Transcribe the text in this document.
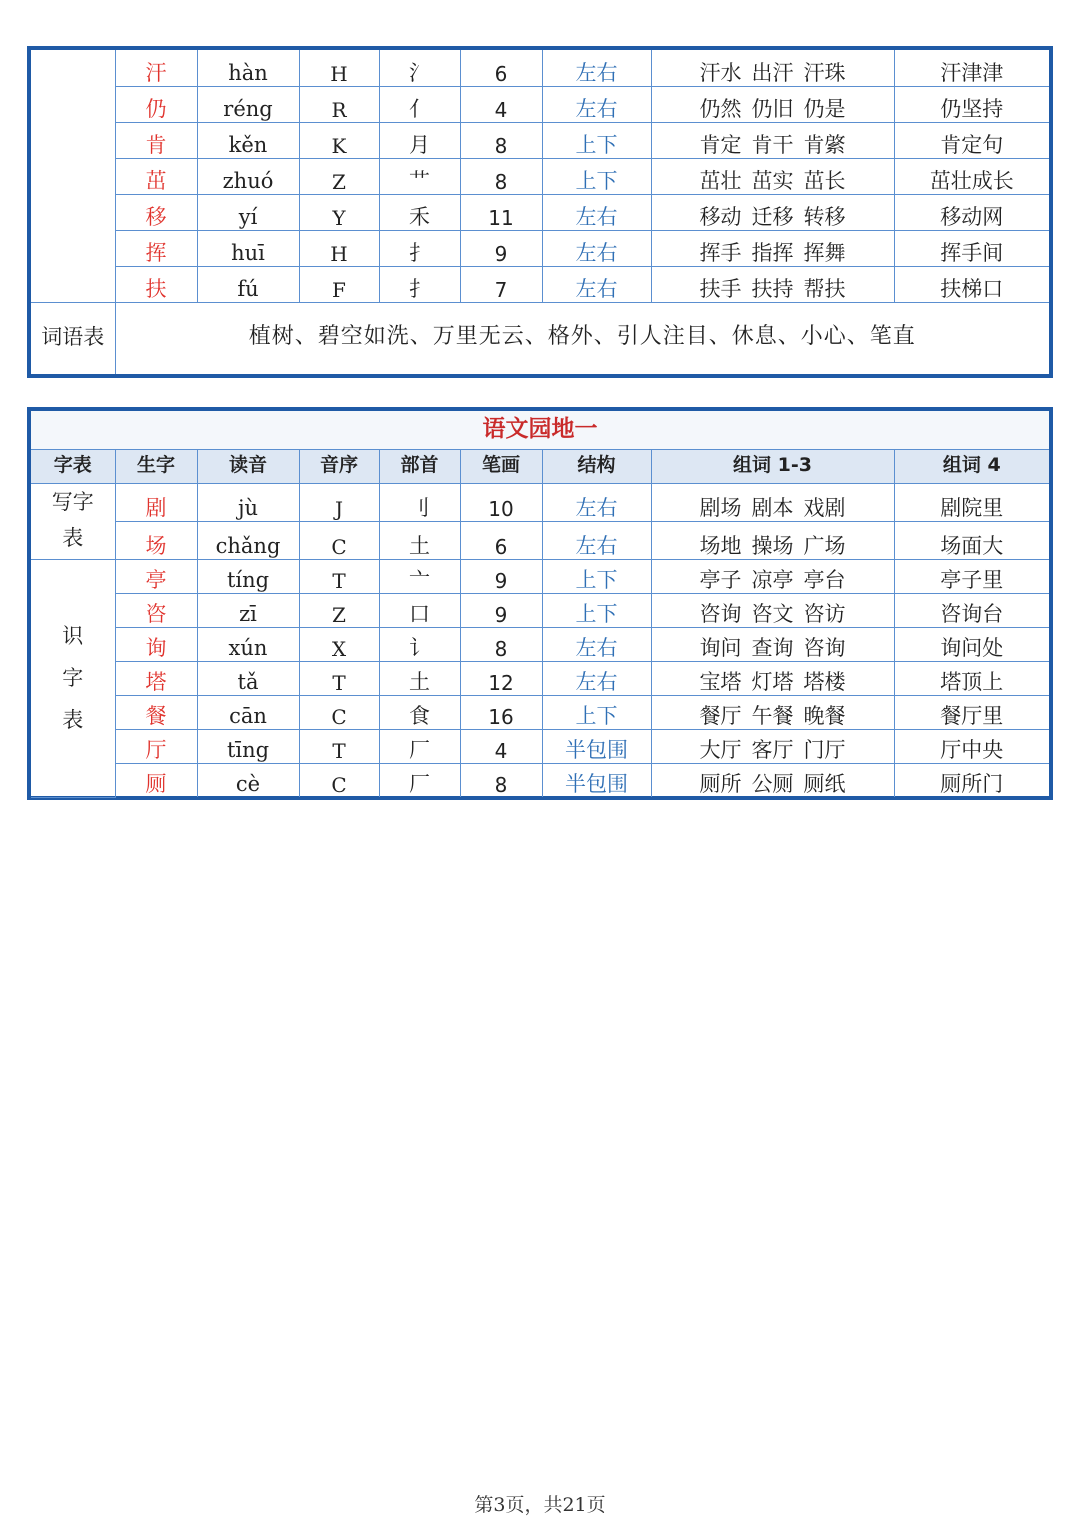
	汗	hàn	H	氵	6	左右	汗水 出汗 汗珠	汗津津
	仍	réng	R	亻	4	左右	仍然 仍旧 仍是	仍坚持
	肯	kěn	K	月	8	上下	肯定 肯干 肯綮	肯定句
	茁	zhuó	Z	艹	8	上下	茁壮 茁实 茁长	茁壮成长
	移	yí	Y	禾	11	左右	移动 迁移 转移	移动网
	挥	huī	H	扌	9	左右	挥手 指挥 挥舞	挥手间
	扶	fú	F	扌	7	左右	扶手 扶持 帮扶	扶梯口
词语表	植树、碧空如洗、万里无云、格外、引人注目、休息、小心、笔直							
语文园地一								
字表	生字	读音	音序	部首	笔画	结构	组词 1-3	组词 4
写字表	剧	jù	J	刂	10	左右	剧场 剧本 戏剧	剧院里
	场	chǎng	C	土	6	左右	场地 操场 广场	场面大
识字表	亭	tíng	T	亠	9	上下	亭子 凉亭 亭台	亭子里
	咨	zī	Z	口	9	上下	咨询 咨文 咨访	咨询台
	询	xún	X	讠	8	左右	询问 查询 咨询	询问处
	塔	tǎ	T	土	12	左右	宝塔 灯塔 塔楼	塔顶上
	餐	cān	C	食	16	上下	餐厅 午餐 晚餐	餐厅里
	厅	tīng	T	厂	4	半包围	大厅 客厅 门厅	厅中央
	厕	cè	C	厂	8	半包围	厕所 公厕 厕纸	厕所门
第3页，共21页
